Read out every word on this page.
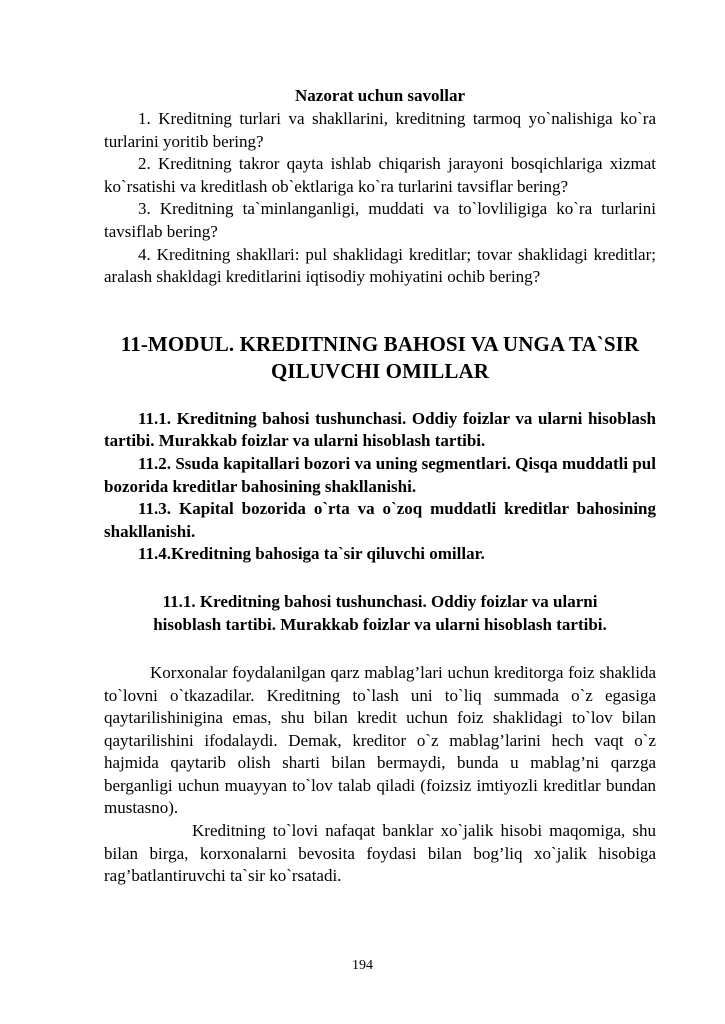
Nazorat uchun savollar

1. Kreditning turlari va shakllarini, kreditning tarmoq yo`nalishiga ko`ra turlarini yoritib bering?

2. Kreditning takror qayta ishlab chiqarish jarayoni bosqichlariga xizmat ko`rsatishi va kreditlash ob`ektlariga ko`ra turlarini tavsiflar bering?

3. Kreditning ta`minlanganligi, muddati va to`lovliligiga ko`ra turlarini tavsiflab bering?

4. Kreditning shakllari: pul shaklidagi kreditlar; tovar shaklidagi kreditlar; aralash shakldagi kreditlarini iqtisodiy mohiyatini ochib bering?

11-MODUL. KREDITNING BAHOSI VA UNGA TA`SIR
QILUVCHI OMILLAR

11.1. Kreditning bahosi tushunchasi. Oddiy foizlar va ularni hisoblash tartibi. Murakkab foizlar va ularni hisoblash tartibi.

11.2. Ssuda kapitallari bozori va uning segmentlari. Qisqa muddatli pul bozorida kreditlar bahosining shakllanishi.

11.3. Kapital bozorida o`rta va o`zoq muddatli kreditlar bahosining shakllanishi.

11.4.Kreditning bahosiga ta`sir qiluvchi omillar.

11.1. Kreditning bahosi tushunchasi. Oddiy foizlar va ularni
hisoblash tartibi. Murakkab foizlar va ularni hisoblash tartibi.

Korxonalar foydalanilgan qarz mablag’lari uchun kreditorga foiz shaklida to`lovni o`tkazadilar. Kreditning to`lash uni to`liq summada o`z egasiga qaytarilishinigina emas, shu bilan kredit uchun foiz shaklidagi to`lov bilan qaytarilishini ifodalaydi. Demak, kreditor o`z mablag’larini hech vaqt o`z hajmida qaytarib olish sharti bilan bermaydi, bunda u mablag’ni qarzga berganligi uchun muayyan to`lov talab qiladi (foizsiz imtiyozli kreditlar bundan mustasno).

Kreditning to`lovi nafaqat banklar xo`jalik hisobi maqomiga, shu bilan birga, korxonalarni bevosita foydasi bilan bog’liq xo`jalik hisobiga rag’batlantiruvchi ta`sir ko`rsatadi.

194
